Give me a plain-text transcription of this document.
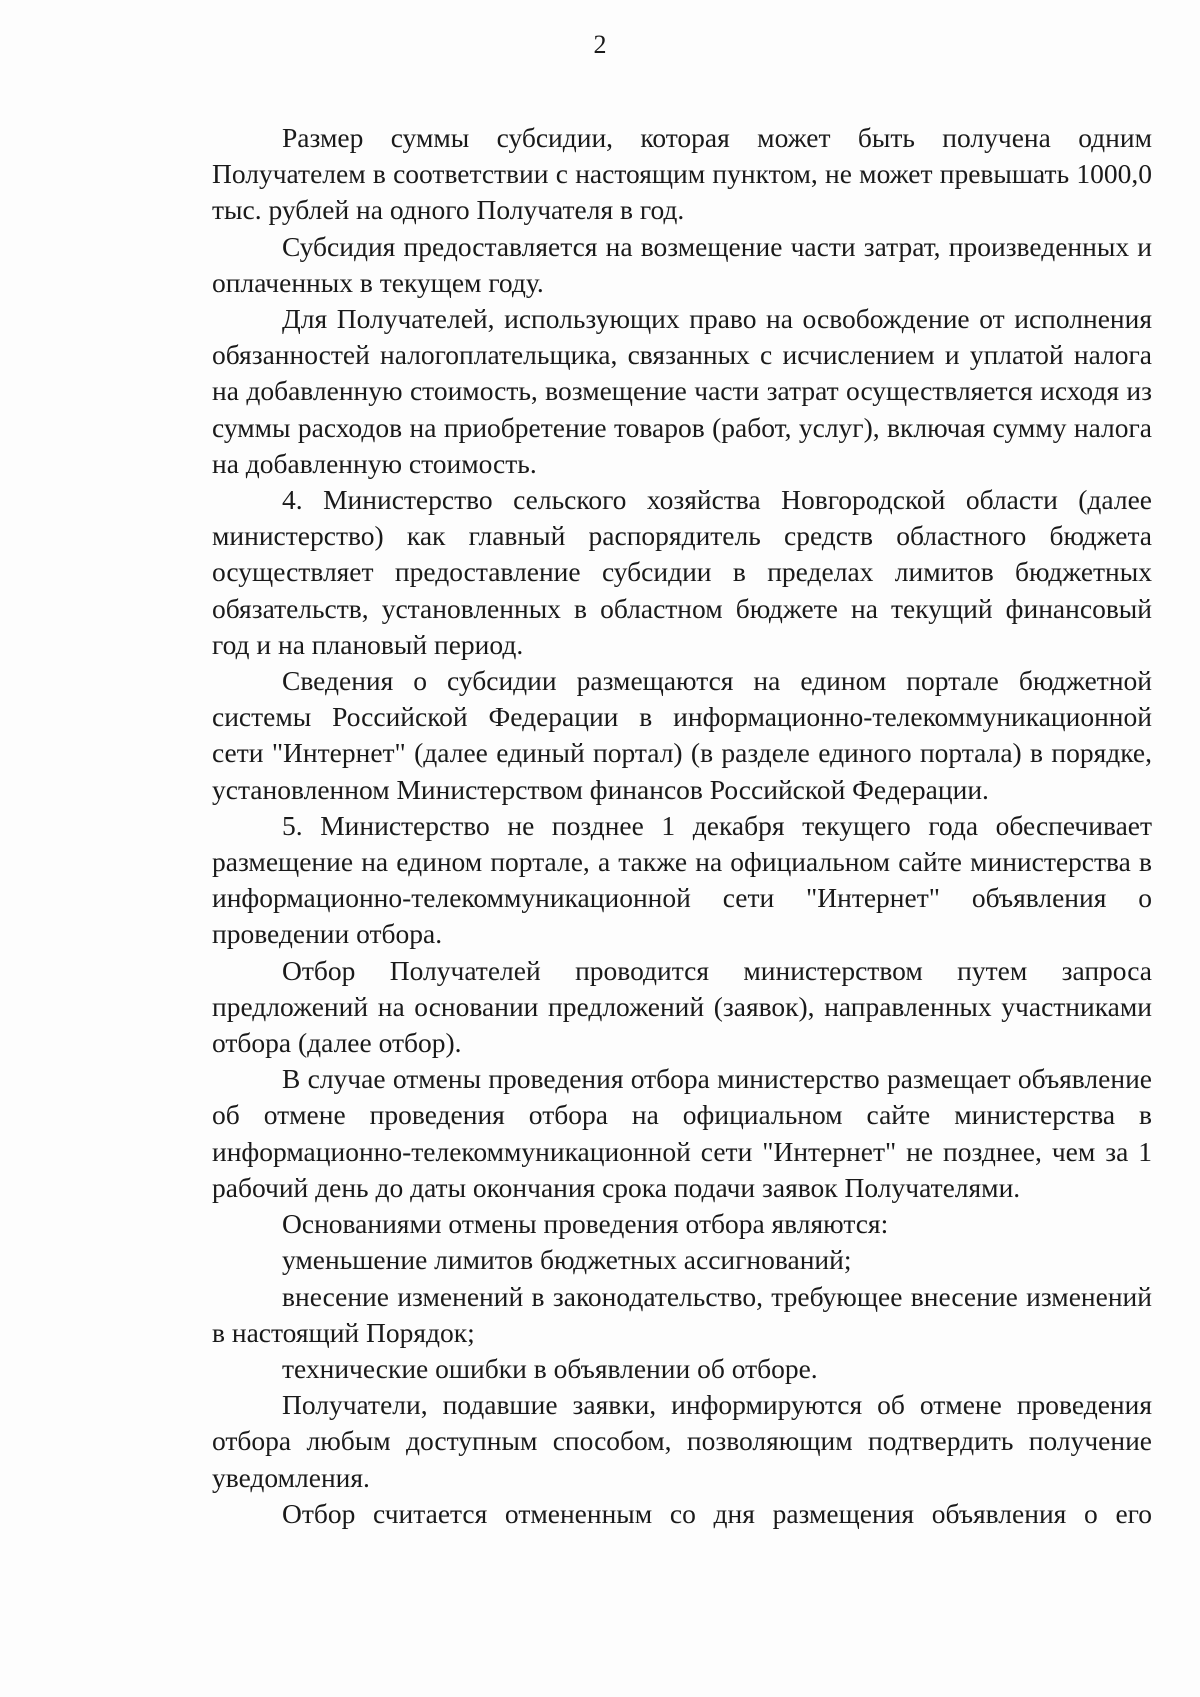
2

Размер суммы субсидии, которая может быть получена одним Получателем в соответствии с настоящим пунктом, не может превышать 1000,0 тыс. рублей на одного Получателя в год.

Субсидия предоставляется на возмещение части затрат, произведенных и оплаченных в текущем году.

Для Получателей, использующих право на освобождение от исполнения обязанностей налогоплательщика, связанных с исчислением и уплатой налога на добавленную стоимость, возмещение части затрат осуществляется исходя из суммы расходов на приобретение товаров (работ, услуг), включая сумму налога на добавленную стоимость.

4. Министерство сельского хозяйства Новгородской области (далее министерство) как главный распорядитель средств областного бюджета осуществляет предоставление субсидии в пределах лимитов бюджетных обязательств, установленных в областном бюджете на текущий финансовый год и на плановый период.

Сведения о субсидии размещаются на едином портале бюджетной системы Российской Федерации в информационно-телекоммуникационной сети "Интернет" (далее единый портал) (в разделе единого портала) в порядке, установленном Министерством финансов Российской Федерации.

5. Министерство не позднее 1 декабря текущего года обеспечивает размещение на едином портале, а также на официальном сайте министерства в информационно-телекоммуникационной сети "Интернет" объявления о проведении отбора.

Отбор Получателей проводится министерством путем запроса предложений на основании предложений (заявок), направленных участниками отбора (далее отбор).

В случае отмены проведения отбора министерство размещает объявление об отмене проведения отбора на официальном сайте министерства в информационно-телекоммуникационной сети "Интернет" не позднее, чем за 1 рабочий день до даты окончания срока подачи заявок Получателями.

Основаниями отмены проведения отбора являются:

уменьшение лимитов бюджетных ассигнований;

внесение изменений в законодательство, требующее внесение изменений в настоящий Порядок;

технические ошибки в объявлении об отборе.

Получатели, подавшие заявки, информируются об отмене проведения отбора любым доступным способом, позволяющим подтвердить получение уведомления.

Отбор считается отмененным со дня размещения объявления о его
